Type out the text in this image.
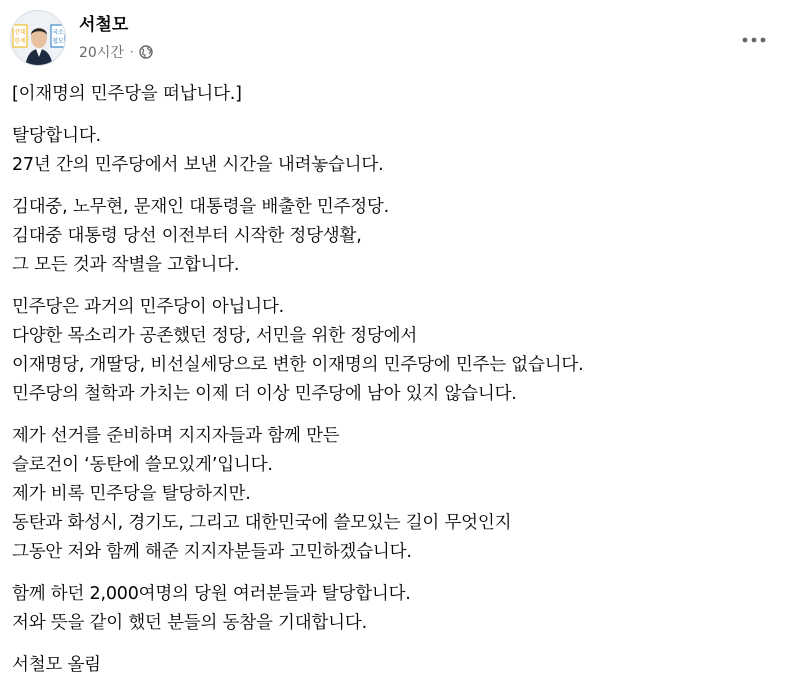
선대
한계
국소
철모
서철모
20시간 ·

[이재명의 민주당을 떠납니다.]

탈당합니다.
27년 간의 민주당에서 보낸 시간을 내려놓습니다.

김대중, 노무현, 문재인 대통령을 배출한 민주정당.
김대중 대통령 당선 이전부터 시작한 정당생활,
그 모든 것과 작별을 고합니다.

민주당은 과거의 민주당이 아닙니다.
다양한 목소리가 공존했던 정당, 서민을 위한 정당에서
이재명당, 개딸당, 비선실세당으로 변한 이재명의 민주당에 민주는 없습니다.
민주당의 철학과 가치는 이제 더 이상 민주당에 남아 있지 않습니다.

제가 선거를 준비하며 지지자들과 함께 만든
슬로건이 ‘동탄에 쓸모있게’입니다.
제가 비록 민주당을 탈당하지만.
동탄과 화성시, 경기도, 그리고 대한민국에 쓸모있는 길이 무엇인지
그동안 저와 함께 해준 지지자분들과 고민하겠습니다.

함께 하던 2,000여명의 당원 여러분들과 탈당합니다.
저와 뜻을 같이 했던 분들의 동참을 기대합니다.

서철모 올림
